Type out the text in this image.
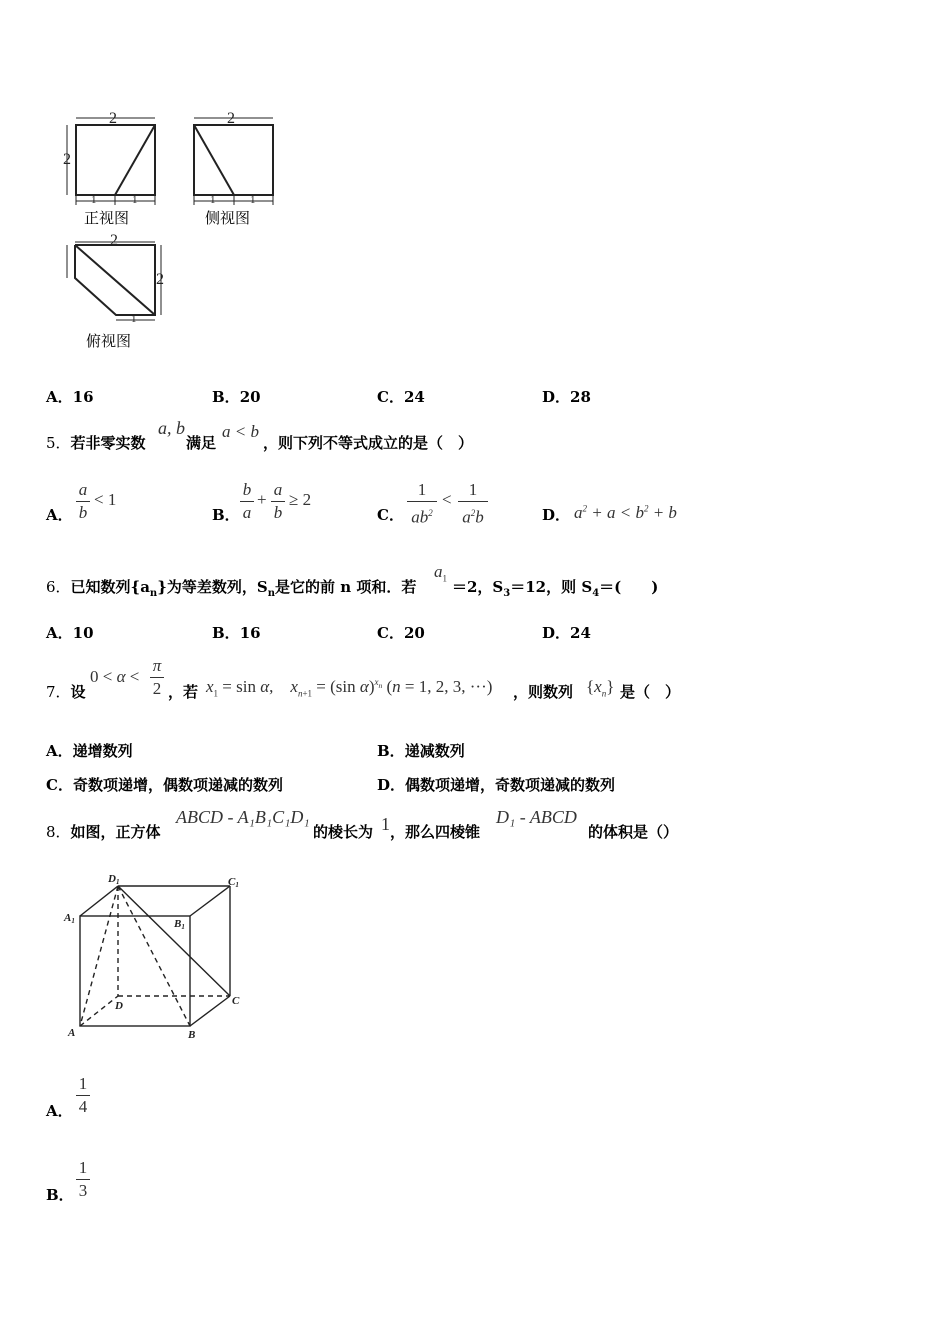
2
2
1	1
2
1	1
2
2
1
正视图	侧视图
俯视图
A．16	B．20	C．24	D．28
5．若非零实数
a, b
满足
a < b
，则下列不等式成立的是（　）
A．
a
b
< 1
B．
b
a
+
a
b
≥ 2
C．
1
$ab^2$
<
1
$a^2b$	D． $a^2 + a < b^2 + b$
6．已知数列$\{a_n\}$为等差数列，$S_n$是它的前 n 项和．若
$a_1 =2$，$S_3=12$，则 $S_4=$(　　)
A．10	B．16	C．20	D．24
7．设
0 < α <
π
2 ，若 $x_1 = \sin \alpha$,    $x_{n+1} = (\sin$ α)$^{x_n}$ (n = 1, 2, 3, ···) ，则数列 $\{x_n\}$ 是（　）
A．递增数列	B．递减数列
C．奇数项递增，偶数项递减的数列	D．偶数项递增，奇数项递减的数列
8．如图，正方体
ABCD - A₁B₁C₁D₁
的棱长为 1 ，那么四棱锥
D₁ - ABCD
的体积是（）
D1	C1
A1	B1
D	C
A	B
A．
1
4
B．
1
3
